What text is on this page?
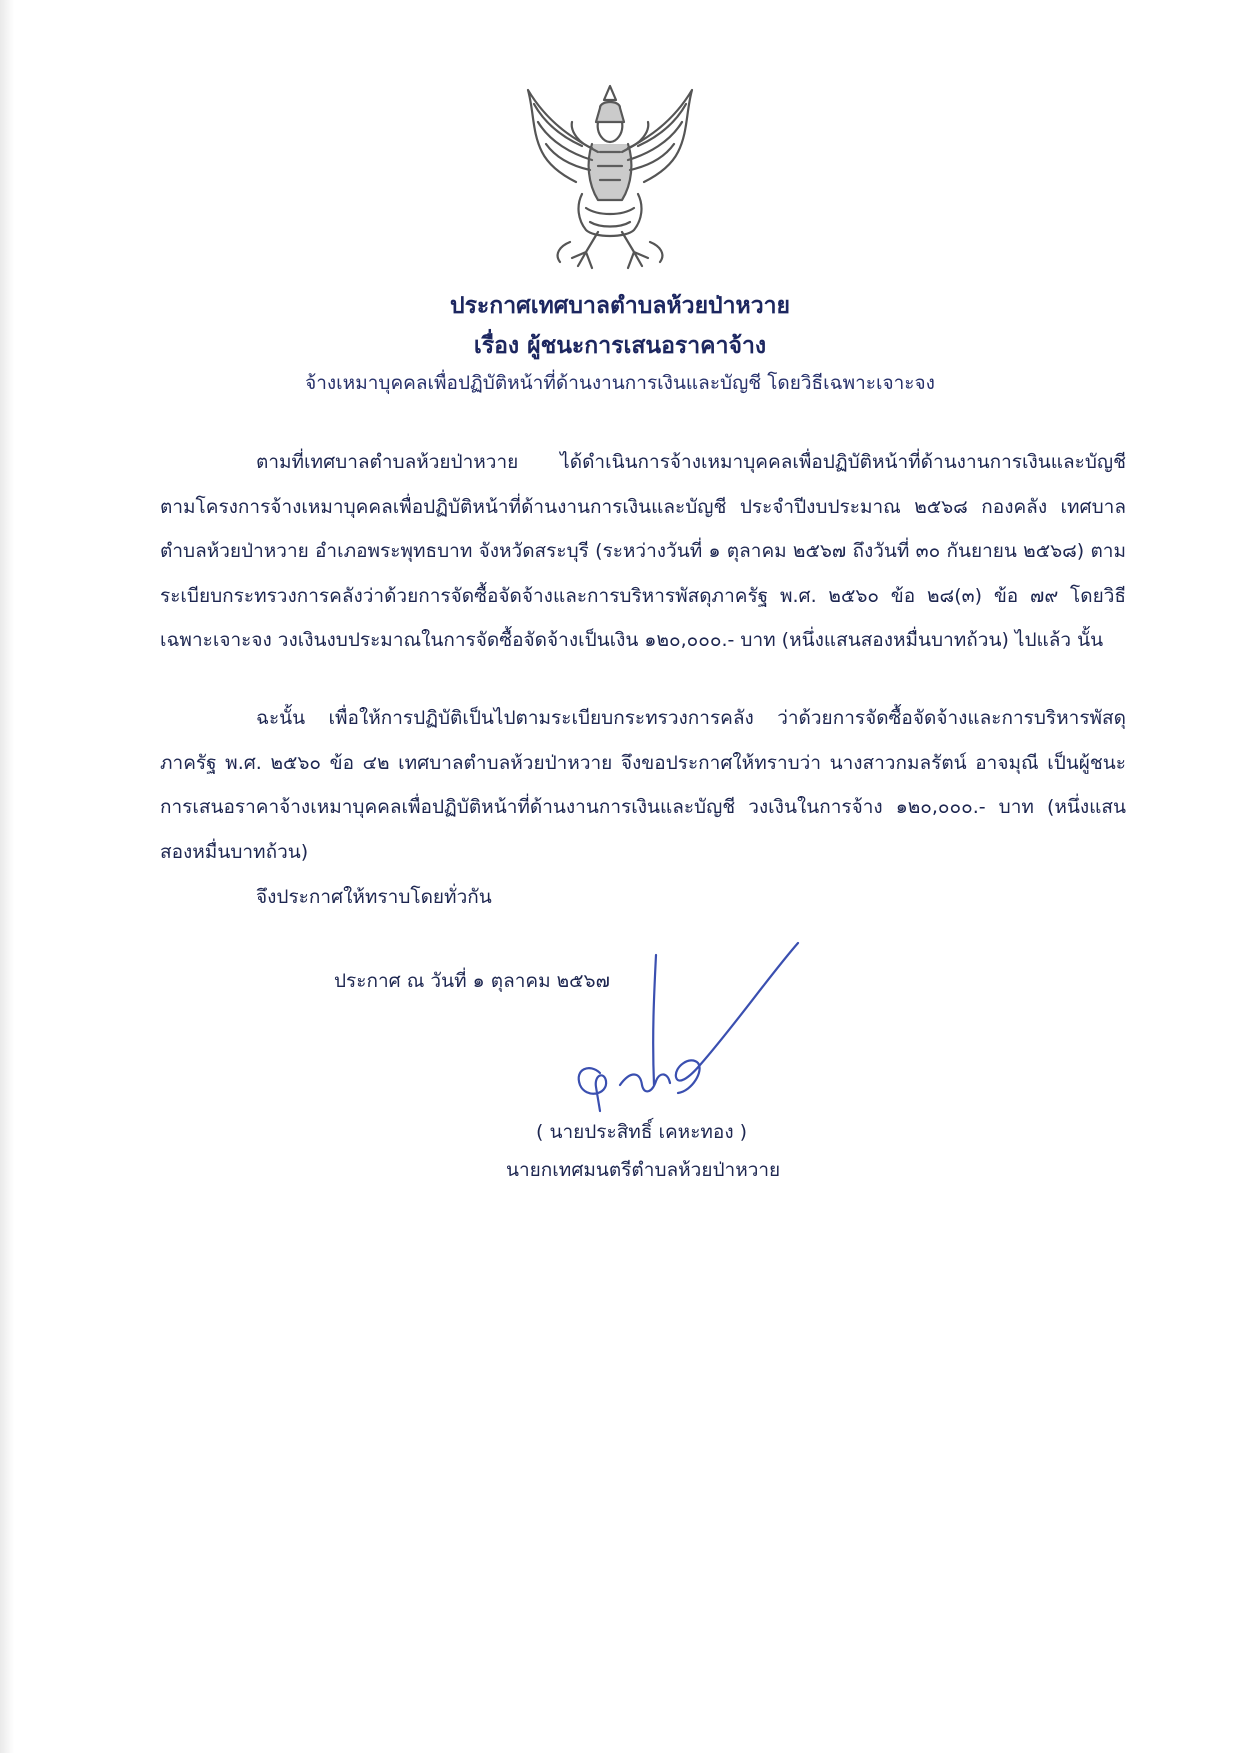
ประกาศเทศบาลตำบลห้วยป่าหวาย
เรื่อง ผู้ชนะการเสนอราคาจ้าง
จ้างเหมาบุคคลเพื่อปฏิบัติหน้าที่ด้านงานการเงินและบัญชี โดยวิธีเฉพาะเจาะจง

ตามที่เทศบาลตำบลห้วยป่าหวาย ได้ดำเนินการจ้างเหมาบุคคลเพื่อปฏิบัติหน้าที่ด้านงานการเงินและบัญชี ตามโครงการจ้างเหมาบุคคลเพื่อปฏิบัติหน้าที่ด้านงานการเงินและบัญชี ประจำปีงบประมาณ ๒๕๖๘ กองคลัง เทศบาลตำบลห้วยป่าหวาย อำเภอพระพุทธบาท จังหวัดสระบุรี (ระหว่างวันที่ ๑ ตุลาคม ๒๕๖๗ ถึงวันที่ ๓๐ กันยายน ๒๕๖๘) ตามระเบียบกระทรวงการคลังว่าด้วยการจัดซื้อจัดจ้างและการบริหารพัสดุภาครัฐ พ.ศ. ๒๕๖๐ ข้อ ๒๘(๓) ข้อ ๗๙ โดยวิธีเฉพาะเจาะจง วงเงินงบประมาณในการจัดซื้อจัดจ้างเป็นเงิน ๑๒๐,๐๐๐.- บาท (หนึ่งแสนสองหมื่นบาทถ้วน) ไปแล้ว นั้น

ฉะนั้น เพื่อให้การปฏิบัติเป็นไปตามระเบียบกระทรวงการคลัง ว่าด้วยการจัดซื้อจัดจ้างและการบริหารพัสดุภาครัฐ พ.ศ. ๒๕๖๐ ข้อ ๔๒ เทศบาลตำบลห้วยป่าหวาย จึงขอประกาศให้ทราบว่า นางสาวกมลรัตน์ อาจมุณี เป็นผู้ชนะการเสนอราคาจ้างเหมาบุคคลเพื่อปฏิบัติหน้าที่ด้านงานการเงินและบัญชี วงเงินในการจ้าง ๑๒๐,๐๐๐.- บาท (หนึ่งแสนสองหมื่นบาทถ้วน)

จึงประกาศให้ทราบโดยทั่วกัน
ประกาศ ณ วันที่ ๑ ตุลาคม ๒๕๖๗
( นายประสิทธิ์ เคหะทอง )
นายกเทศมนตรีตำบลห้วยป่าหวาย
